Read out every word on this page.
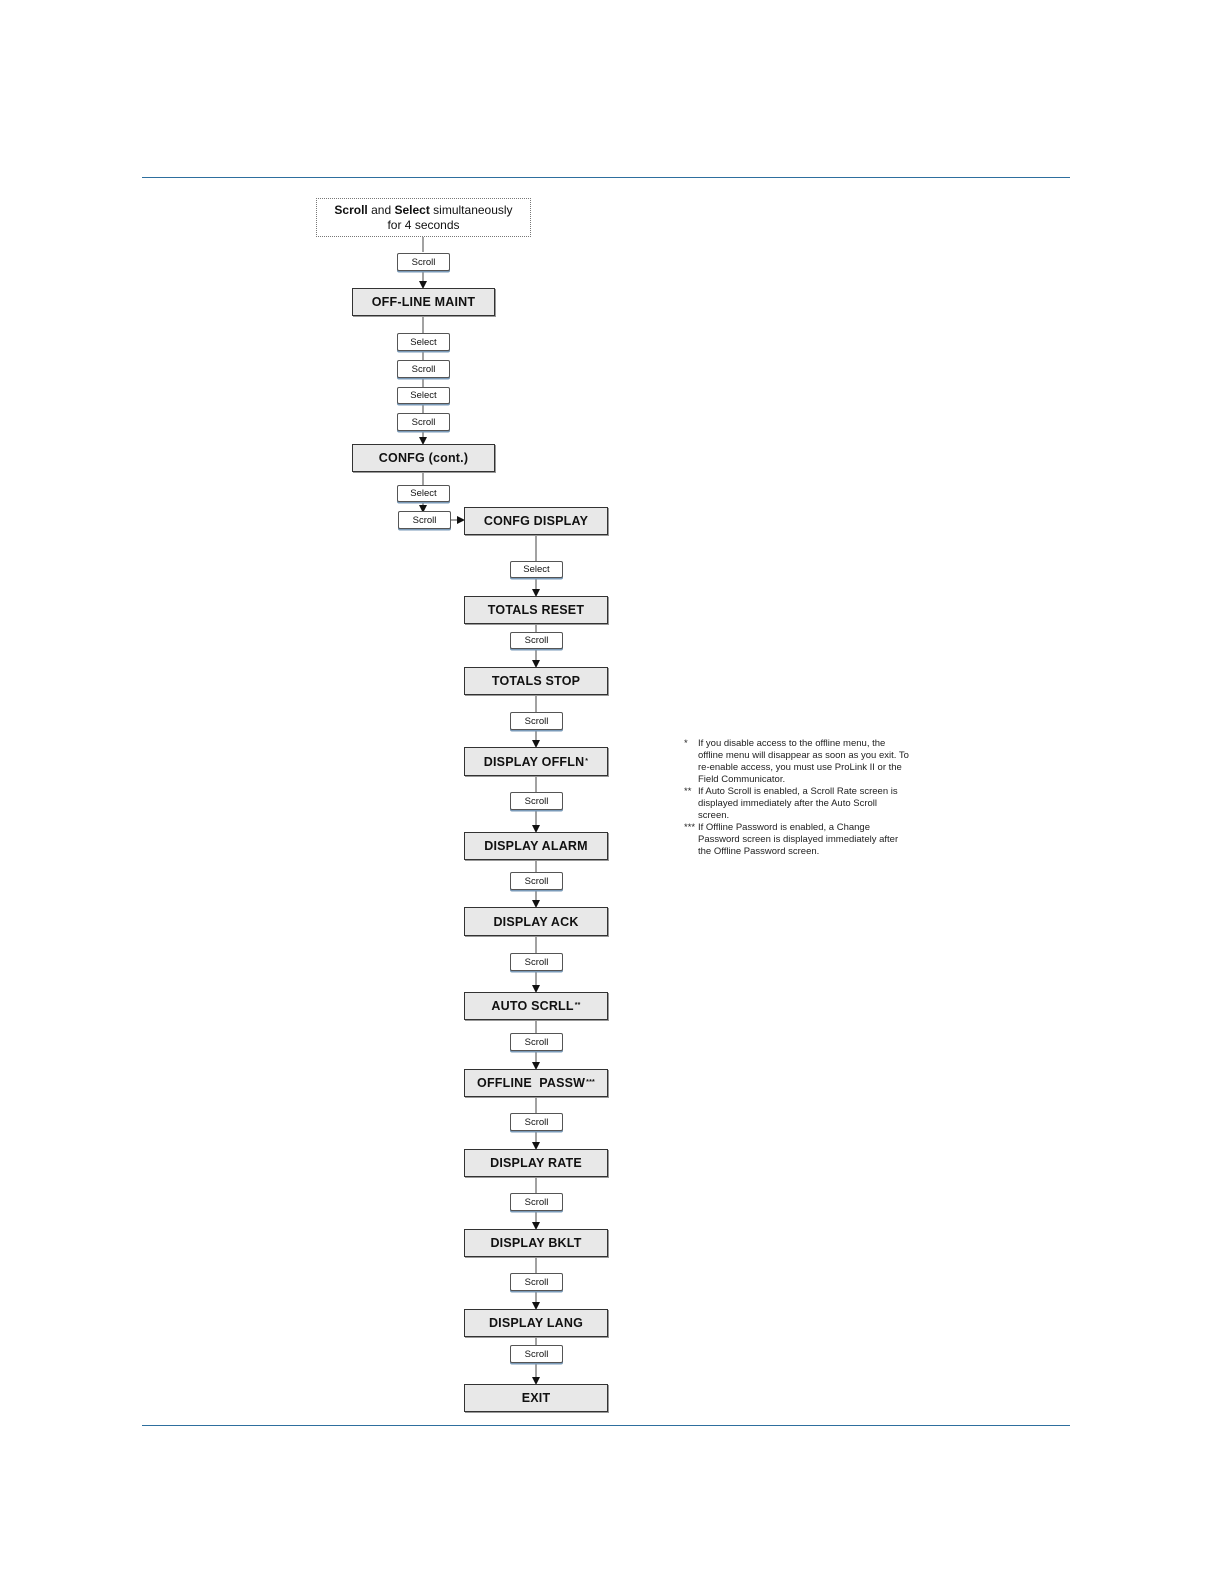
Scroll and Select simultaneously
for 4 seconds
Scroll
OFF-LINE MAINT
Select
Scroll
Select
Scroll
CONFG (cont.)
Select
Scroll	CONFG DISPLAY
Select
TOTALS RESET
Scroll
TOTALS STOP
Scroll
DISPLAY OFFLN *
Scroll
DISPLAY ALARM
Scroll
DISPLAY ACK
Scroll
AUTO SCRLL **
Scroll
OFFLINE  PASSW ***
Scroll
DISPLAY RATE
Scroll
DISPLAY BKLT
Scroll
DISPLAY LANG
Scroll
EXIT
*	If you disable access to the offline menu, the offline menu will disappear as soon as you exit. To re-enable access, you must use ProLink II or the Field Communicator.
** If Auto Scroll is enabled, a Scroll Rate screen is displayed immediately after the Auto Scroll screen.
*** If Offline Password is enabled, a Change Password screen is displayed immediately after the Offline Password screen.
